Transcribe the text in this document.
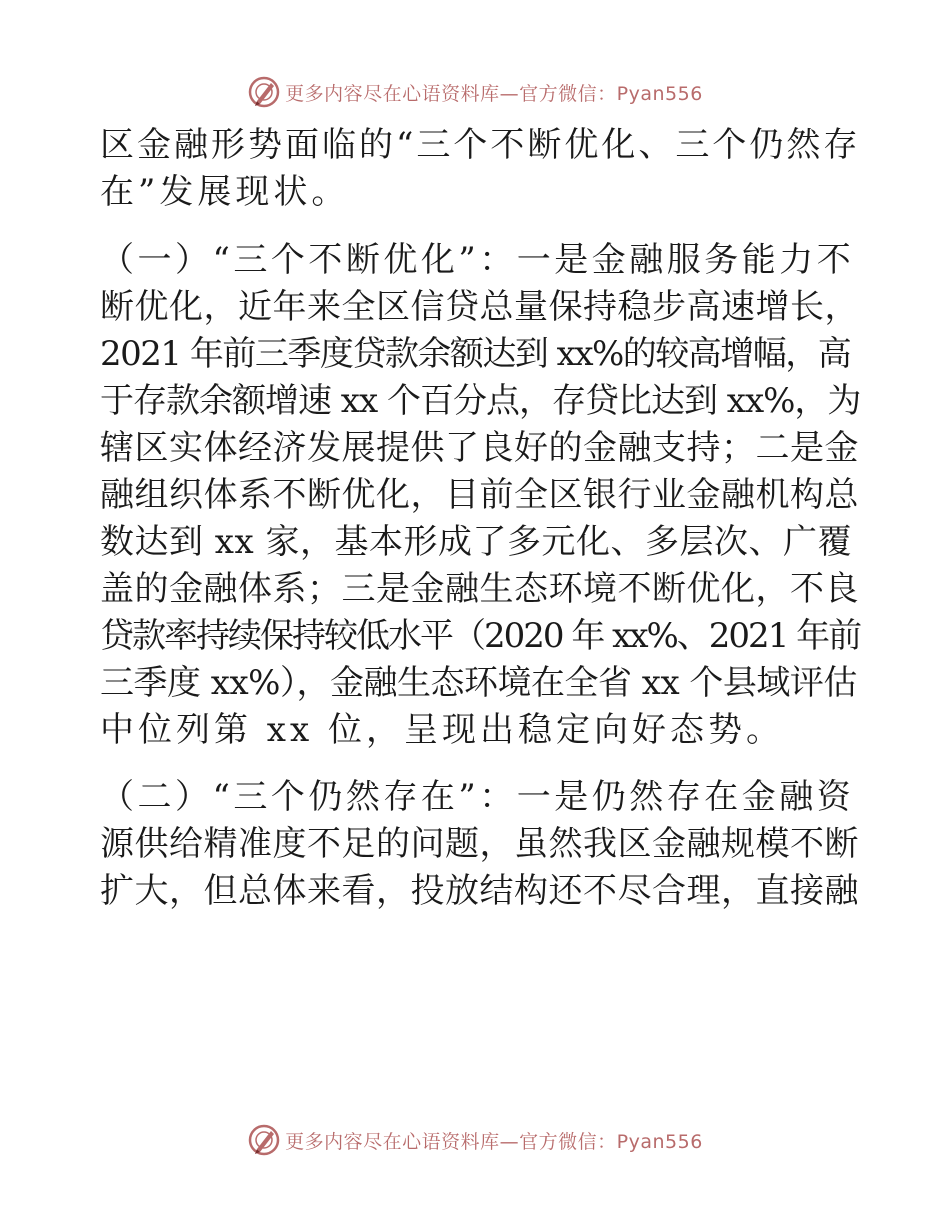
更多内容尽在心语资料库—官方微信：Pyan556

区金融形势面临的“三个不断优化、三个仍然存
在”发展现状。

（一）“三个不断优化”：一是金融服务能力不
断优化，近年来全区信贷总量保持稳步高速增长，
2021 年前三季度贷款余额达到 xx%的较高增幅，高
于存款余额增速 xx 个百分点，存贷比达到 xx%，为
辖区实体经济发展提供了良好的金融支持；二是金
融组织体系不断优化，目前全区银行业金融机构总
数达到 xx 家，基本形成了多元化、多层次、广覆
盖的金融体系；三是金融生态环境不断优化，不良
贷款率持续保持较低水平（2020 年 xx%、2021 年前
三季度 xx%），金融生态环境在全省 xx 个县域评估
中位列第 xx 位，呈现出稳定向好态势。

（二）“三个仍然存在”：一是仍然存在金融资
源供给精准度不足的问题，虽然我区金融规模不断
扩大，但总体来看，投放结构还不尽合理，直接融

更多内容尽在心语资料库—官方微信：Pyan556
